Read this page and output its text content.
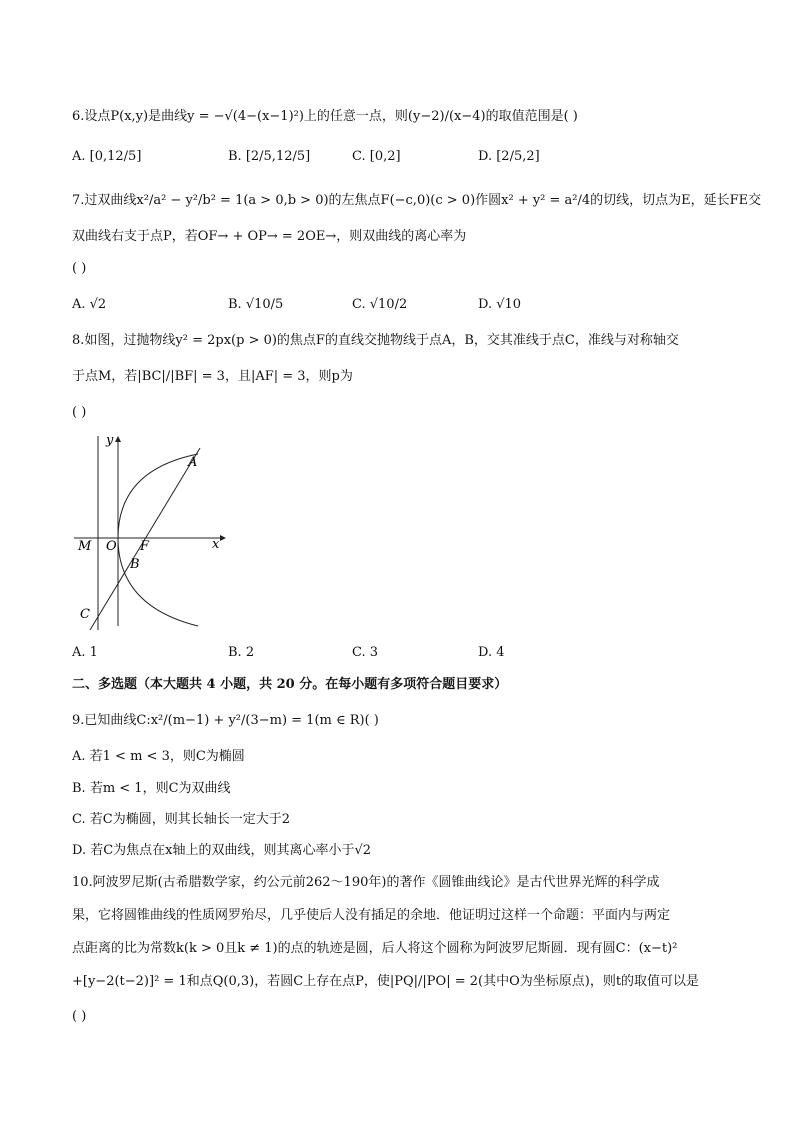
6.设点P(x,y)是曲线y = −√(4−(x−1)²)上的任意一点，则(y−2)/(x−4)的取值范围是( )
A. [0,12/5]	B. [2/5,12/5]	C. [0,2]	D. [2/5,2]
7.过双曲线x²/a² − y²/b² = 1(a > 0,b > 0)的左焦点F(−c,0)(c > 0)作圆x² + y² = a²/4的切线，切点为E，延长FE交
双曲线右支于点P，若OF→ + OP→ = 2OE→，则双曲线的离心率为
( )
A. √2	B. √10/5	C. √10/2	D. √10
8.如图，过抛物线y² = 2px(p > 0)的焦点F的直线交抛物线于点A，B，交其准线于点C，准线与对称轴交
于点M，若|BC|/|BF| = 3，且|AF| = 3，则p为
( )
y
A
M O F	x
B
C
A. 1	B. 2	C. 3	D. 4
二、多选题（本大题共 4 小题，共 20 分。在每小题有多项符合题目要求）
9.已知曲线C:x²/(m−1) + y²/(3−m) = 1(m ∈ R)( )
A. 若1 < m < 3，则C为椭圆
B. 若m < 1，则C为双曲线
C. 若C为椭圆，则其长轴长一定大于2
D. 若C为焦点在x轴上的双曲线，则其离心率小于√2
10.阿波罗尼斯(古希腊数学家，约公元前262～190年)的著作《圆锥曲线论》是古代世界光辉的科学成
果，它将圆锥曲线的性质网罗殆尽，几乎使后人没有插足的余地．他证明过这样一个命题：平面内与两定
点距离的比为常数k(k > 0且k ≠ 1)的点的轨迹是圆，后人将这个圆称为阿波罗尼斯圆．现有圆C：(x−t)²
+[y−2(t−2)]² = 1和点Q(0,3)，若圆C上存在点P，使|PQ|/|PO| = 2(其中O为坐标原点)，则t的取值可以是
( )
